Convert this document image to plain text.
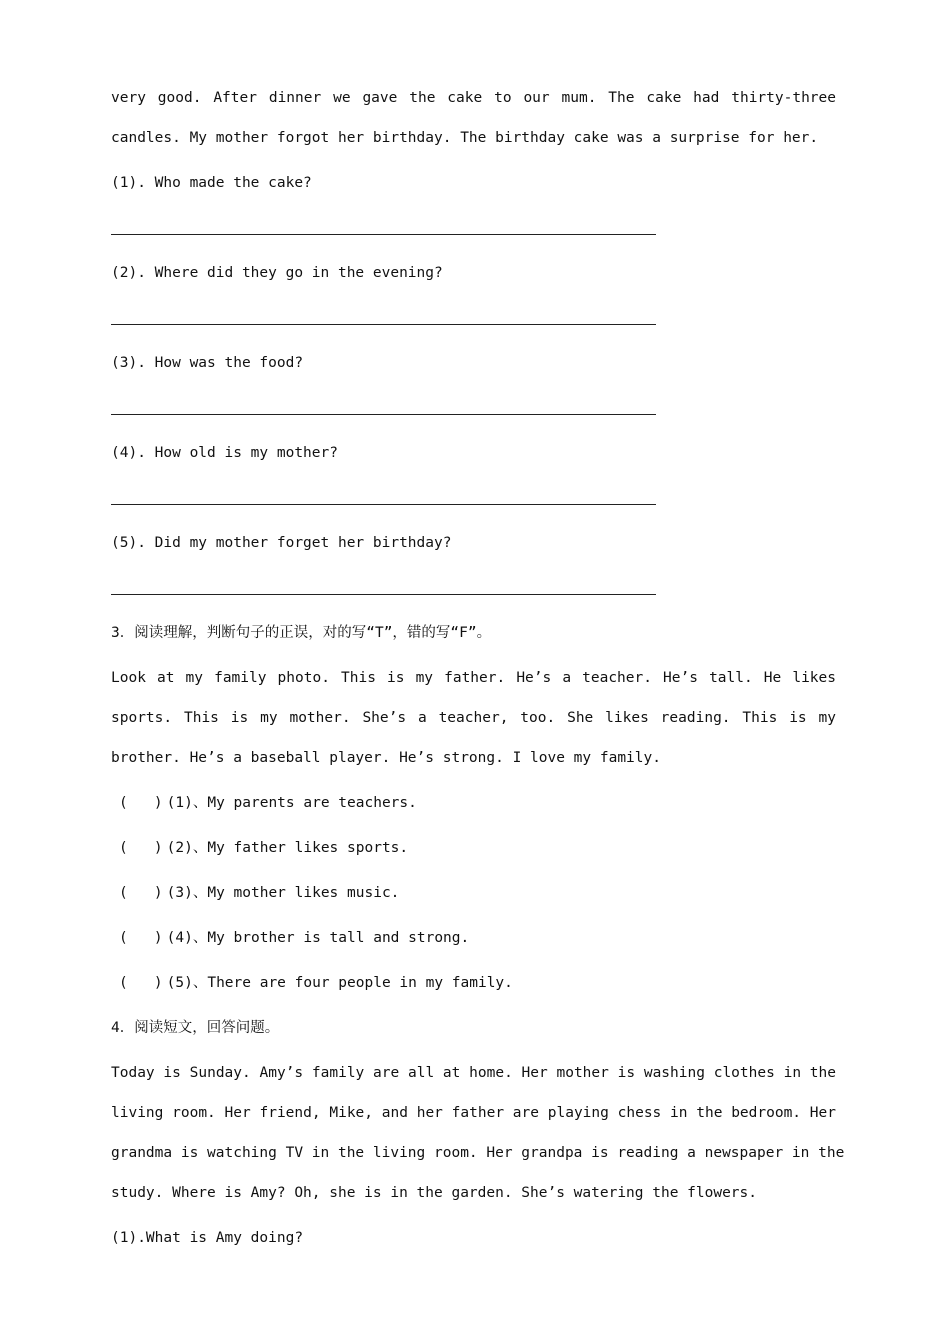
very good. After dinner we gave the cake to our mum. The cake had thirty-three
candles. My mother forgot her birthday. The birthday cake was a surprise for her.
(1). Who made the cake?
(2). Where did they go in the evening?
(3). How was the food?
(4). How old is my mother?
(5). Did my mother forget her birthday?
3．阅读理解，判断句子的正误，对的写“T”，错的写“F”。
Look at my family photo. This is my father. He’s a teacher. He’s tall. He likes
sports. This is my mother. She’s a teacher, too. She likes reading. This is my
brother. He’s a baseball player. He’s strong. I love my family.
(   ) (1)、My parents are teachers.
(   ) (2)、My father likes sports.
(   ) (3)、My mother likes music.
(   ) (4)、My brother is tall and strong.
(   ) (5)、There are four people in my family.
4．阅读短文，回答问题。
Today is Sunday. Amy’s family are all at home. Her mother is washing clothes in the
living room. Her friend, Mike, and her father are playing chess in the bedroom. Her
grandma is watching TV in the living room. Her grandpa is reading a newspaper in the
study. Where is Amy? Oh, she is in the garden. She’s watering the flowers.
(1).What is Amy doing?
